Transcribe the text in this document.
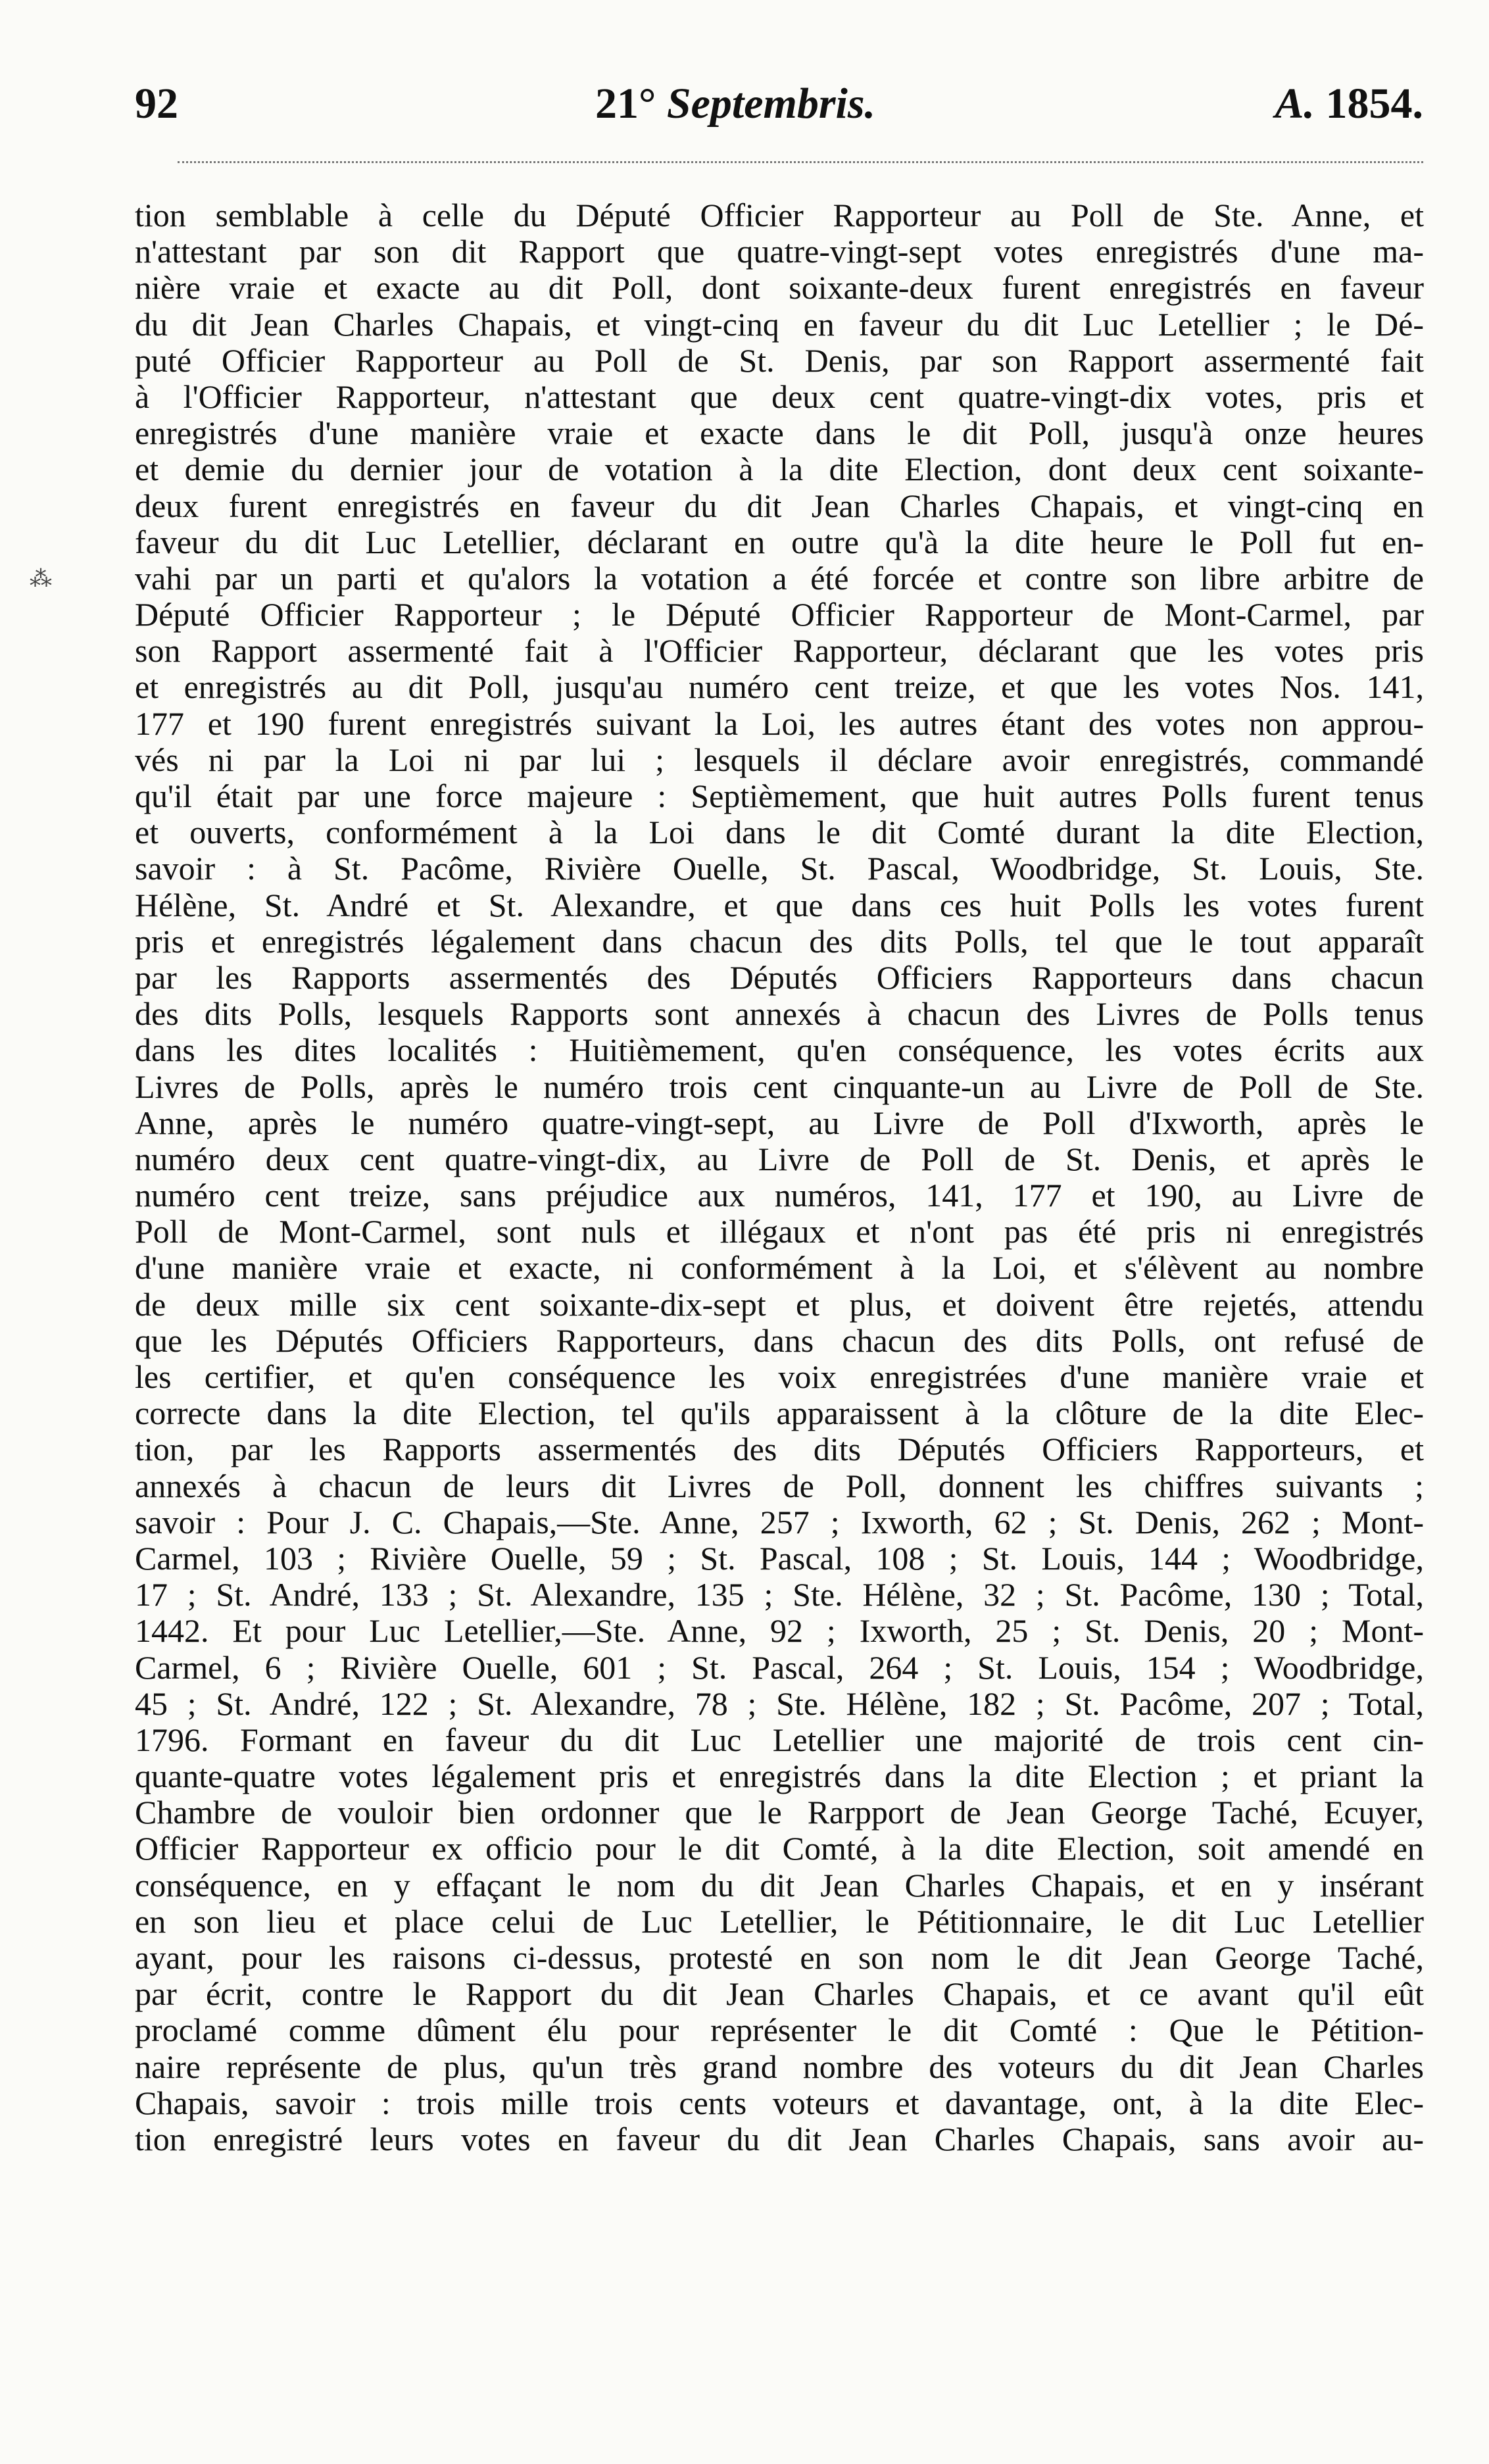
92	21° Septembris.	A. 1854.
⁂
tion semblable à celle du Député Officier Rapporteur au Poll de Ste. Anne, et
n'attestant par son dit Rapport que quatre-vingt-sept votes enregistrés d'une ma-
nière vraie et exacte au dit Poll, dont soixante-deux furent enregistrés en faveur
du dit Jean Charles Chapais, et vingt-cinq en faveur du dit Luc Letellier ; le Dé-
puté Officier Rapporteur au Poll de St. Denis, par son Rapport assermenté fait
à l'Officier Rapporteur, n'attestant que deux cent quatre-vingt-dix votes, pris et
enregistrés d'une manière vraie et exacte dans le dit Poll, jusqu'à onze heures
et demie du dernier jour de votation à la dite Election, dont deux cent soixante-
deux furent enregistrés en faveur du dit Jean Charles Chapais, et vingt-cinq en
faveur du dit Luc Letellier, déclarant en outre qu'à la dite heure le Poll fut en-
vahi par un parti et qu'alors la votation a été forcée et contre son libre arbitre de
Député Officier Rapporteur ; le Député Officier Rapporteur de Mont-Carmel, par
son Rapport assermenté fait à l'Officier Rapporteur, déclarant que les votes pris
et enregistrés au dit Poll, jusqu'au numéro cent treize, et que les votes Nos. 141,
177 et 190 furent enregistrés suivant la Loi, les autres étant des votes non approu-
vés ni par la Loi ni par lui ; lesquels il déclare avoir enregistrés, commandé
qu'il était par une force majeure : Septièmement, que huit autres Polls furent tenus
et ouverts, conformément à la Loi dans le dit Comté durant la dite Election,
savoir : à St. Pacôme, Rivière Ouelle, St. Pascal, Woodbridge, St. Louis, Ste.
Hélène, St. André et St. Alexandre, et que dans ces huit Polls les votes furent
pris et enregistrés légalement dans chacun des dits Polls, tel que le tout apparaît
par les Rapports assermentés des Députés Officiers Rapporteurs dans chacun
des dits Polls, lesquels Rapports sont annexés à chacun des Livres de Polls tenus
dans les dites localités : Huitièmement, qu'en conséquence, les votes écrits aux
Livres de Polls, après le numéro trois cent cinquante-un au Livre de Poll de Ste.
Anne, après le numéro quatre-vingt-sept, au Livre de Poll d'Ixworth, après le
numéro deux cent quatre-vingt-dix, au Livre de Poll de St. Denis, et après le
numéro cent treize, sans préjudice aux numéros, 141, 177 et 190, au Livre de
Poll de Mont-Carmel, sont nuls et illégaux et n'ont pas été pris ni enregistrés
d'une manière vraie et exacte, ni conformément à la Loi, et s'élèvent au nombre
de deux mille six cent soixante-dix-sept et plus, et doivent être rejetés, attendu
que les Députés Officiers Rapporteurs, dans chacun des dits Polls, ont refusé de
les certifier, et qu'en conséquence les voix enregistrées d'une manière vraie et
correcte dans la dite Election, tel qu'ils apparaissent à la clôture de la dite Elec-
tion, par les Rapports assermentés des dits Députés Officiers Rapporteurs, et
annexés à chacun de leurs dit Livres de Poll, donnent les chiffres suivants ;
savoir : Pour J. C. Chapais,—Ste. Anne, 257 ; Ixworth, 62 ; St. Denis, 262 ; Mont-
Carmel, 103 ; Rivière Ouelle, 59 ; St. Pascal, 108 ; St. Louis, 144 ; Woodbridge,
17 ; St. André, 133 ; St. Alexandre, 135 ; Ste. Hélène, 32 ; St. Pacôme, 130 ; Total,
1442. Et pour Luc Letellier,—Ste. Anne, 92 ; Ixworth, 25 ; St. Denis, 20 ; Mont-
Carmel, 6 ; Rivière Ouelle, 601 ; St. Pascal, 264 ; St. Louis, 154 ; Woodbridge,
45 ; St. André, 122 ; St. Alexandre, 78 ; Ste. Hélène, 182 ; St. Pacôme, 207 ; Total,
1796. Formant en faveur du dit Luc Letellier une majorité de trois cent cin-
quante-quatre votes légalement pris et enregistrés dans la dite Election ; et priant la
Chambre de vouloir bien ordonner que le Rarpport de Jean George Taché, Ecuyer,
Officier Rapporteur ex officio pour le dit Comté, à la dite Election, soit amendé en
conséquence, en y effaçant le nom du dit Jean Charles Chapais, et en y insérant
en son lieu et place celui de Luc Letellier, le Pétitionnaire, le dit Luc Letellier
ayant, pour les raisons ci-dessus, protesté en son nom le dit Jean George Taché,
par écrit, contre le Rapport du dit Jean Charles Chapais, et ce avant qu'il eût
proclamé comme dûment élu pour représenter le dit Comté : Que le Pétition-
naire représente de plus, qu'un très grand nombre des voteurs du dit Jean Charles
Chapais, savoir : trois mille trois cents voteurs et davantage, ont, à la dite Elec-
tion enregistré leurs votes en faveur du dit Jean Charles Chapais, sans avoir au-
